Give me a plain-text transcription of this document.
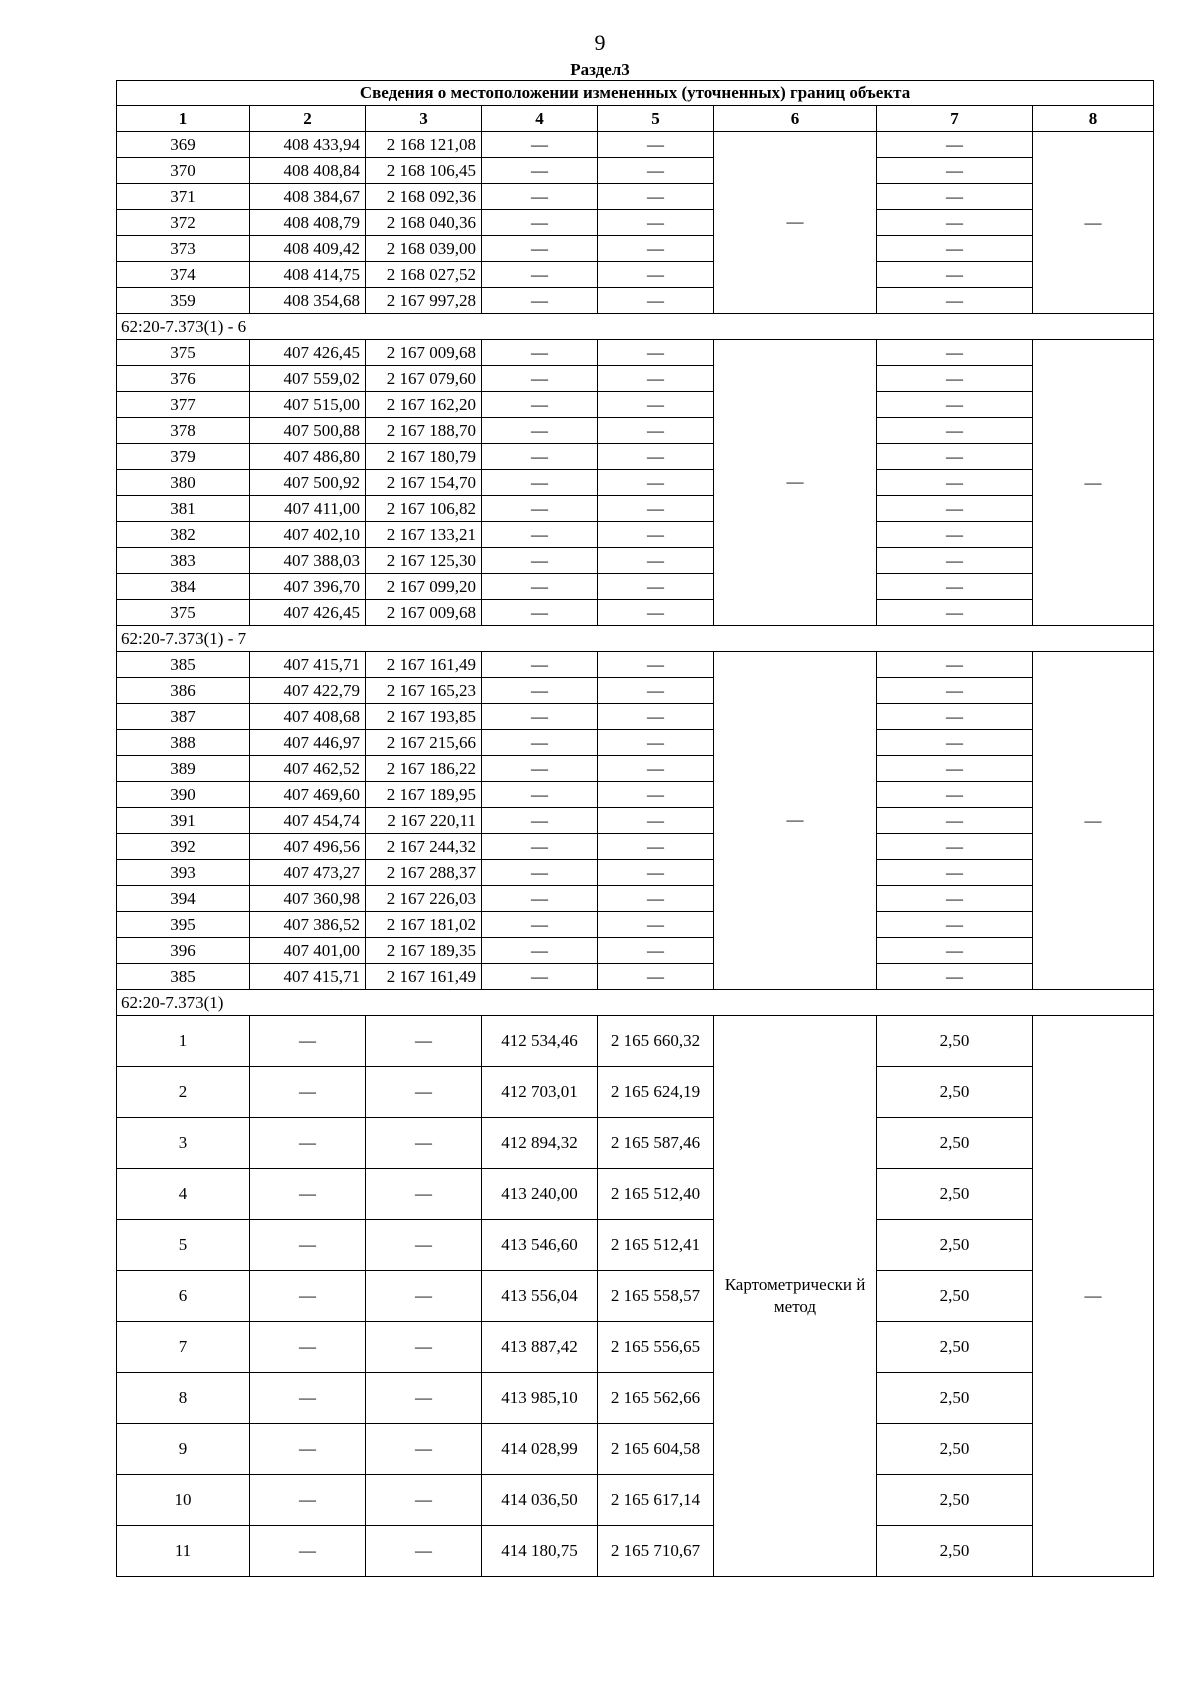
9
Раздел3
Сведения о местоположении измененных (уточненных) границ объекта							
1	2	3	4	5	6	7	8
369	408 433,94	2 168 121,08	—	—	—	—	—
370	408 408,84	2 168 106,45	—	—		—	
371	408 384,67	2 168 092,36	—	—		—	
372	408 408,79	2 168 040,36	—	—		—	
373	408 409,42	2 168 039,00	—	—		—	
374	408 414,75	2 168 027,52	—	—		—	
359	408 354,68	2 167 997,28	—	—		—	
62:20-7.373(1) - 6							
375	407 426,45	2 167 009,68	—	—	—	—	—
376	407 559,02	2 167 079,60	—	—		—	
377	407 515,00	2 167 162,20	—	—		—	
378	407 500,88	2 167 188,70	—	—		—	
379	407 486,80	2 167 180,79	—	—		—	
380	407 500,92	2 167 154,70	—	—		—	
381	407 411,00	2 167 106,82	—	—		—	
382	407 402,10	2 167 133,21	—	—		—	
383	407 388,03	2 167 125,30	—	—		—	
384	407 396,70	2 167 099,20	—	—		—	
375	407 426,45	2 167 009,68	—	—		—	
62:20-7.373(1) - 7							
385	407 415,71	2 167 161,49	—	—	—	—	—
386	407 422,79	2 167 165,23	—	—		—	
387	407 408,68	2 167 193,85	—	—		—	
388	407 446,97	2 167 215,66	—	—		—	
389	407 462,52	2 167 186,22	—	—		—	
390	407 469,60	2 167 189,95	—	—		—	
391	407 454,74	2 167 220,11	—	—		—	
392	407 496,56	2 167 244,32	—	—		—	
393	407 473,27	2 167 288,37	—	—		—	
394	407 360,98	2 167 226,03	—	—		—	
395	407 386,52	2 167 181,02	—	—		—	
396	407 401,00	2 167 189,35	—	—		—	
385	407 415,71	2 167 161,49	—	—		—	
62:20-7.373(1)							
1	—	—	412 534,46	2 165 660,32	Картометрически й метод	2,50	—
2	—	—	412 703,01	2 165 624,19		2,50	
3	—	—	412 894,32	2 165 587,46		2,50	
4	—	—	413 240,00	2 165 512,40		2,50	
5	—	—	413 546,60	2 165 512,41		2,50	
6	—	—	413 556,04	2 165 558,57		2,50	
7	—	—	413 887,42	2 165 556,65		2,50	
8	—	—	413 985,10	2 165 562,66		2,50	
9	—	—	414 028,99	2 165 604,58		2,50	
10	—	—	414 036,50	2 165 617,14		2,50	
11	—	—	414 180,75	2 165 710,67		2,50	
